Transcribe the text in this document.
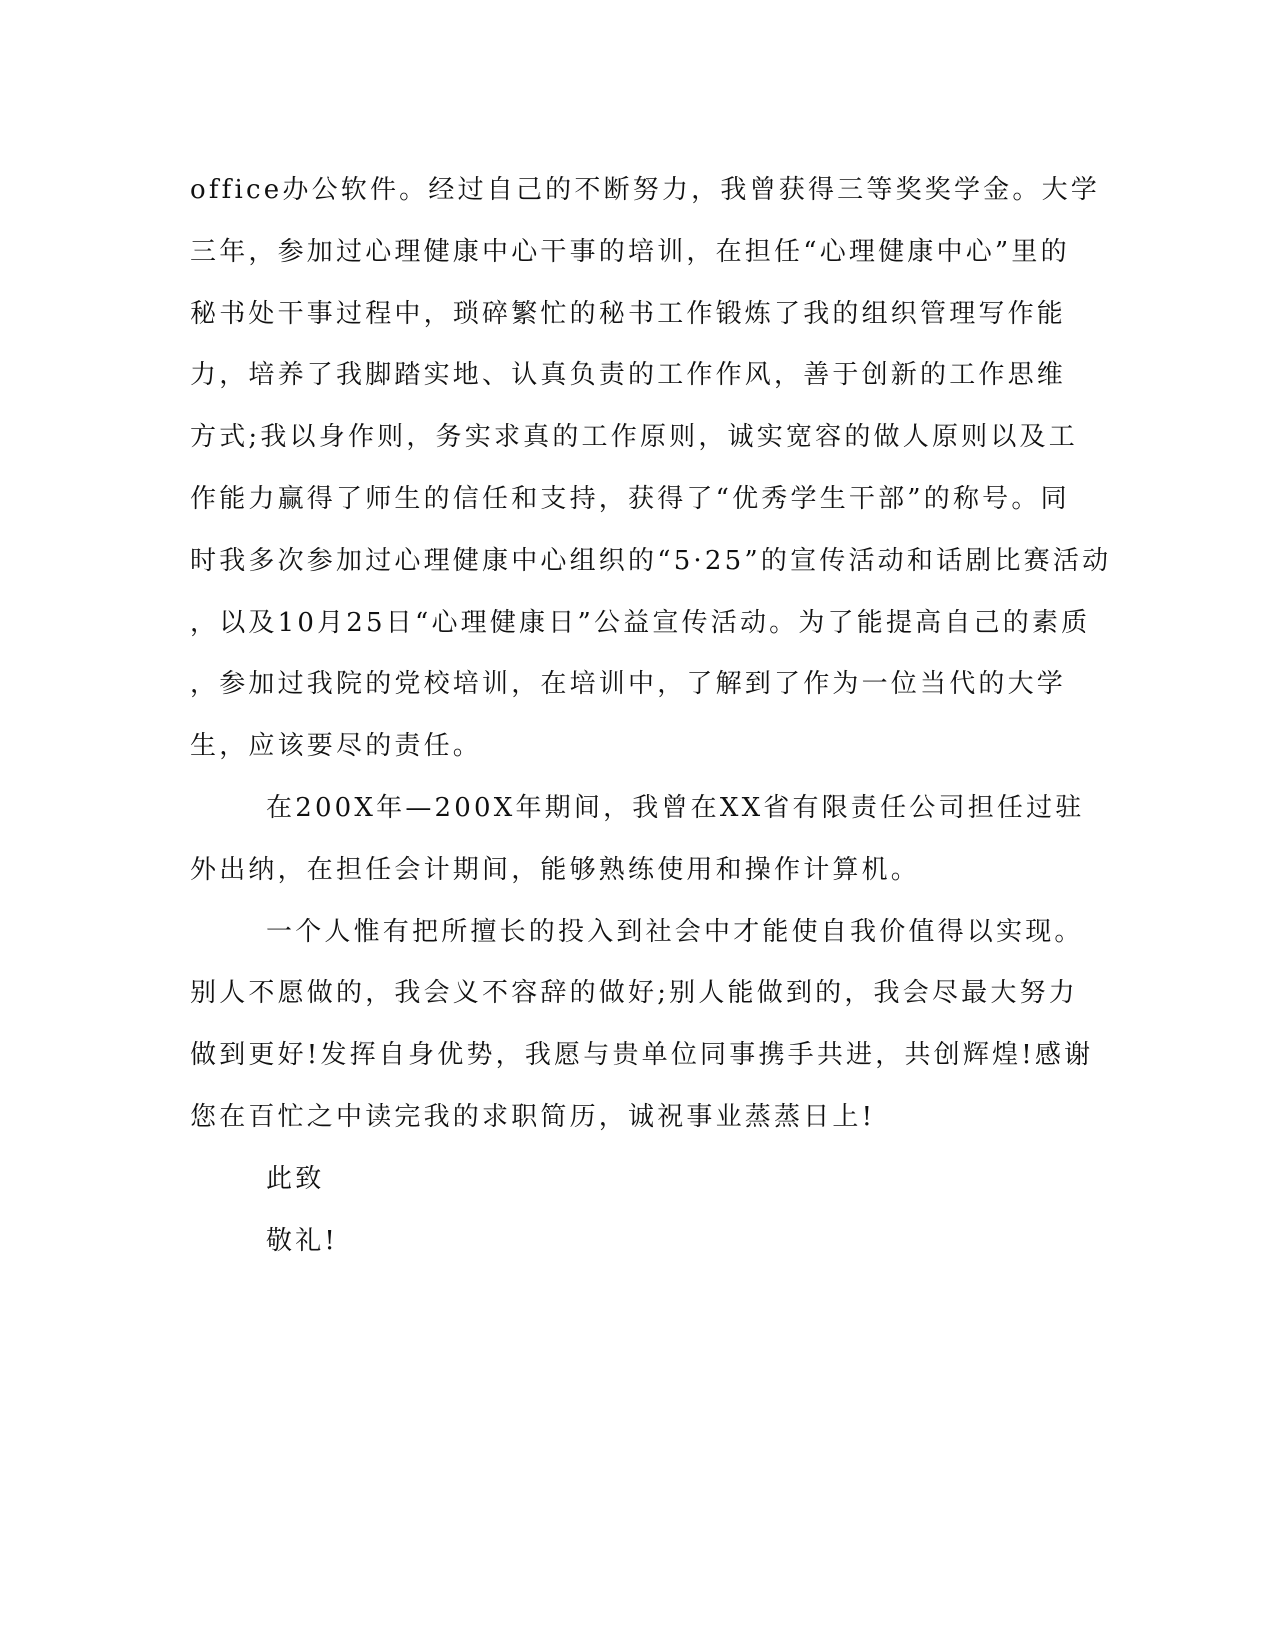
office办公软件。经过自己的不断努力，我曾获得三等奖奖学金。大学
三年，参加过心理健康中心干事的培训，在担任“心理健康中心”里的
秘书处干事过程中，琐碎繁忙的秘书工作锻炼了我的组织管理写作能
力，培养了我脚踏实地、认真负责的工作作风，善于创新的工作思维
方式;我以身作则，务实求真的工作原则，诚实宽容的做人原则以及工
作能力赢得了师生的信任和支持，获得了“优秀学生干部”的称号。同
时我多次参加过心理健康中心组织的“5·25”的宣传活动和话剧比赛活动
，以及10月25日“心理健康日”公益宣传活动。为了能提高自己的素质
，参加过我院的党校培训，在培训中，了解到了作为一位当代的大学
生，应该要尽的责任。
在200X年—200X年期间，我曾在XX省有限责任公司担任过驻
外出纳，在担任会计期间，能够熟练使用和操作计算机。
一个人惟有把所擅长的投入到社会中才能使自我价值得以实现。
别人不愿做的，我会义不容辞的做好;别人能做到的，我会尽最大努力
做到更好!发挥自身优势，我愿与贵单位同事携手共进，共创辉煌!感谢
您在百忙之中读完我的求职简历，诚祝事业蒸蒸日上!
此致
敬礼!
